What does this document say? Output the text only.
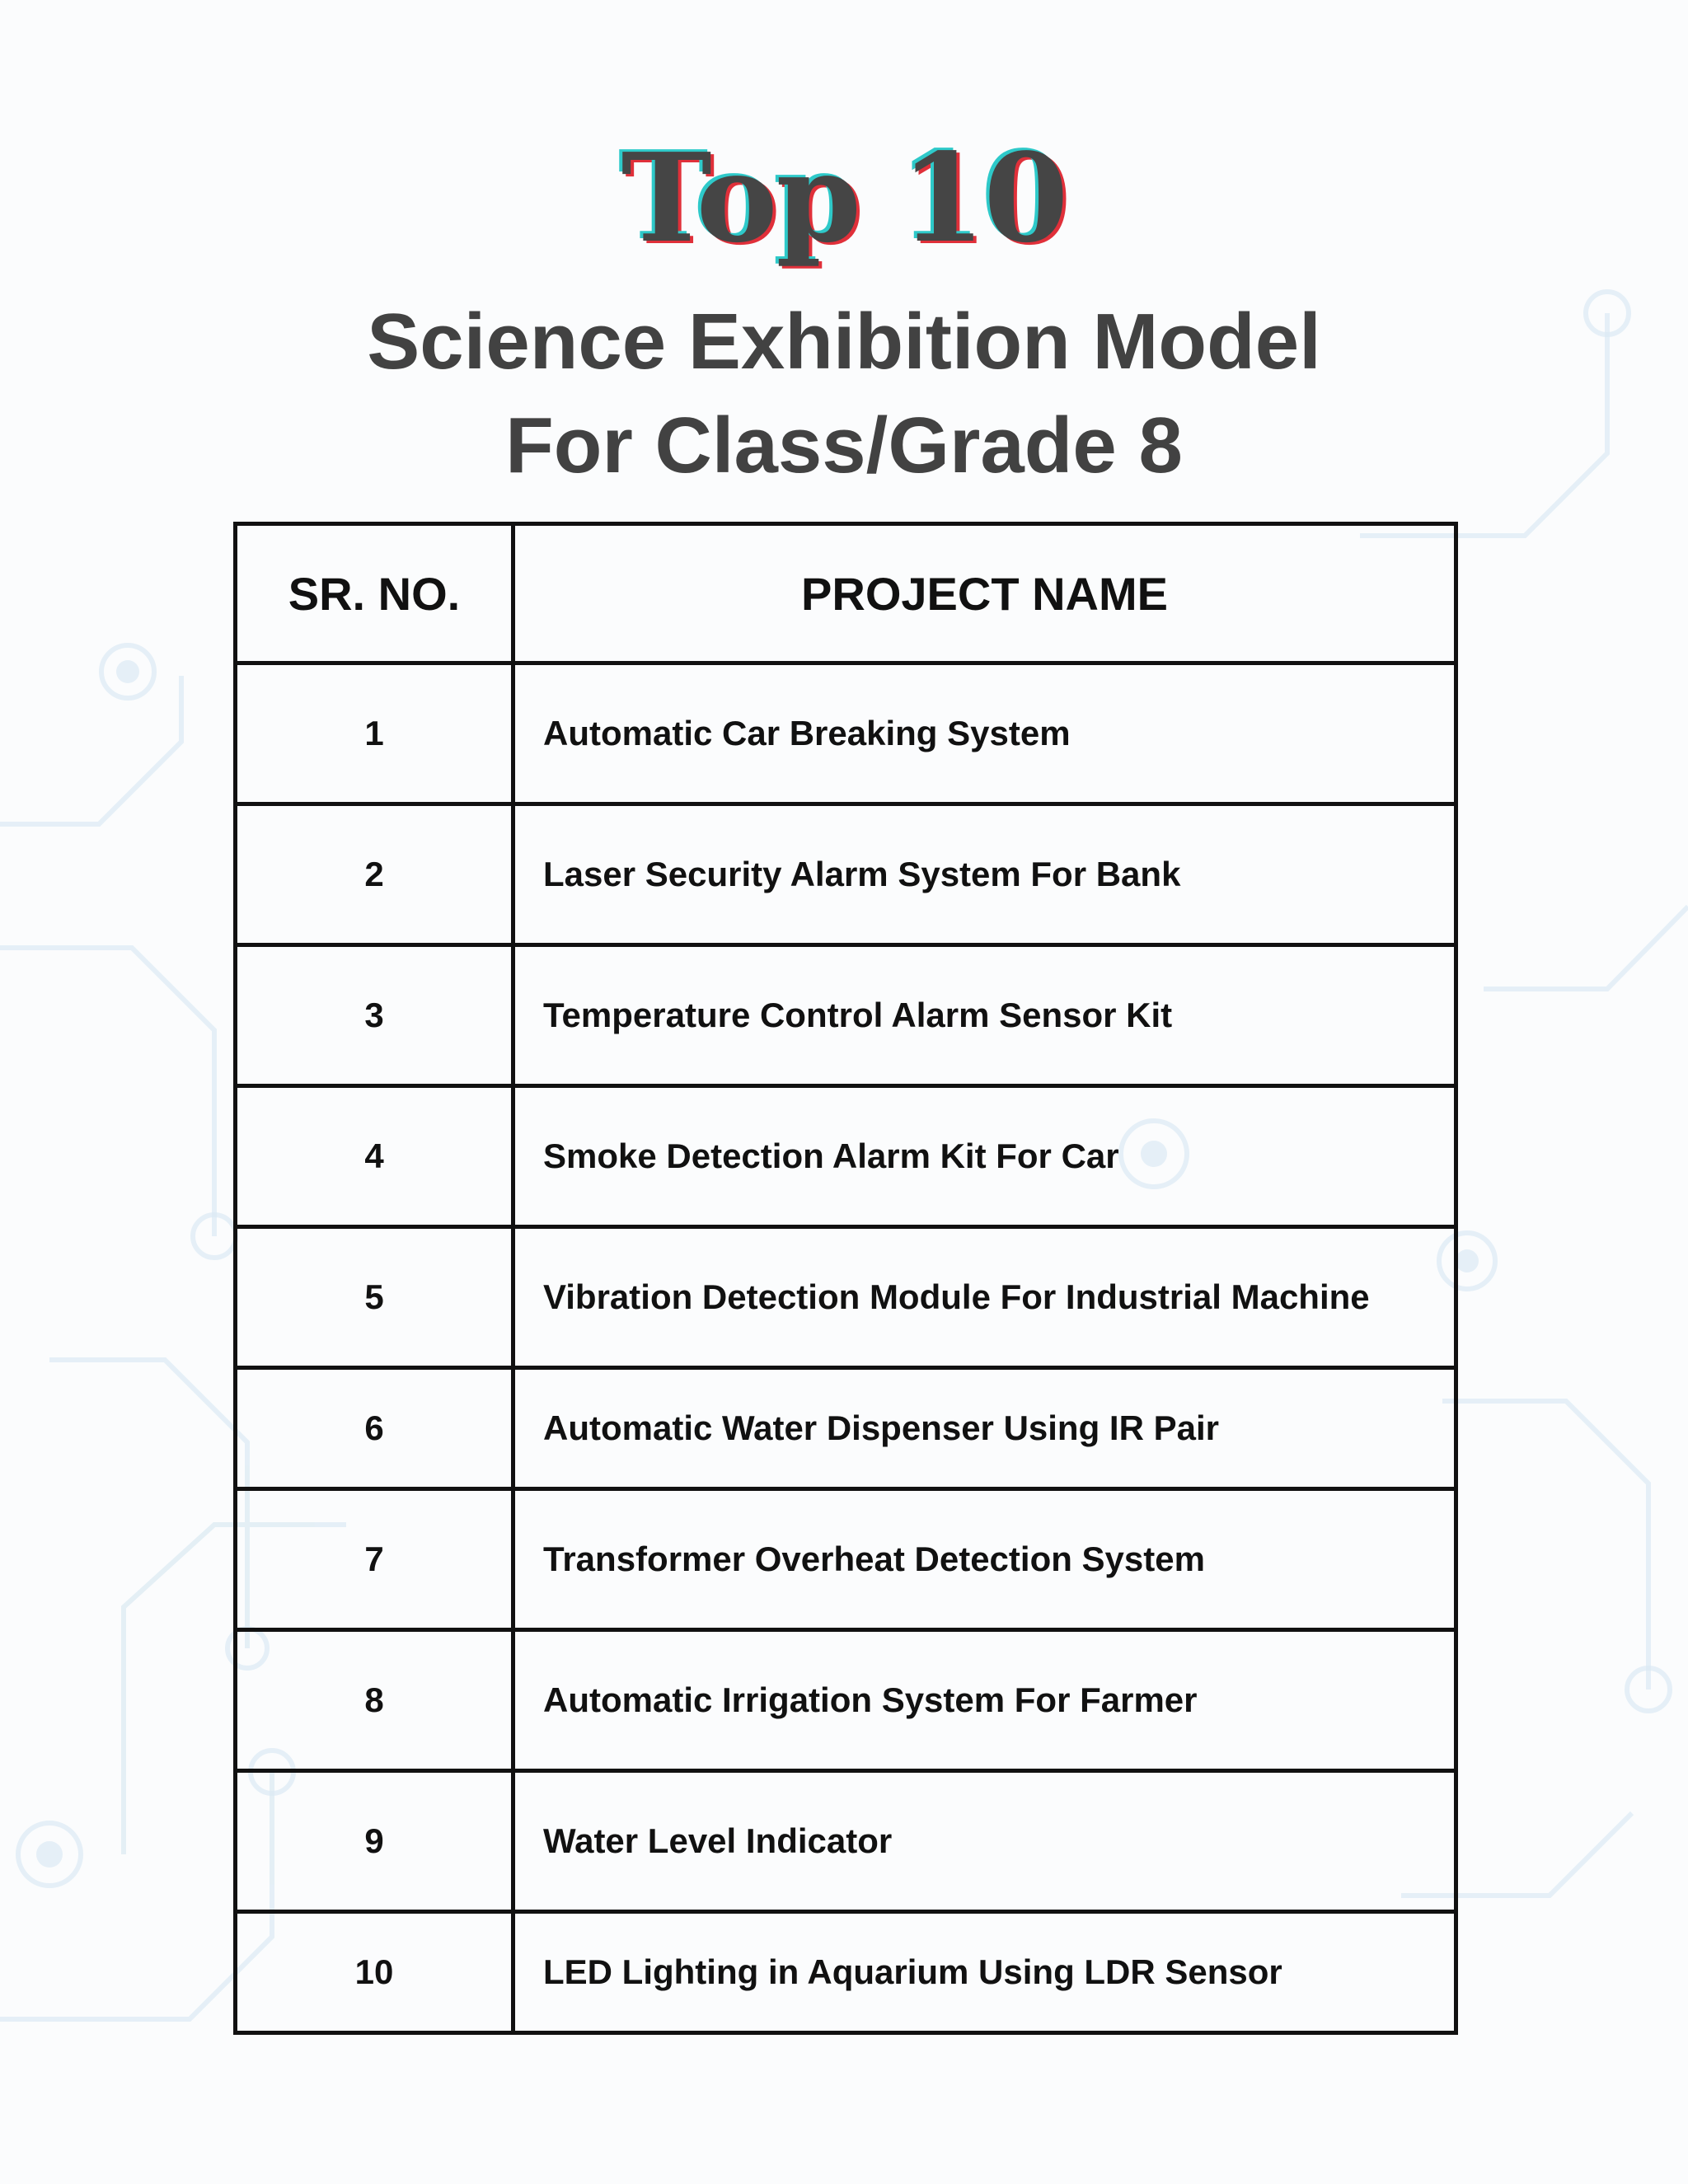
Top 10
Science Exhibition Model
For Class/Grade 8
SR. NO.	PROJECT NAME
1	Automatic Car Breaking System
2	Laser Security Alarm System For Bank
3	Temperature Control Alarm Sensor Kit
4	Smoke Detection Alarm Kit For Car
5	Vibration Detection Module For Industrial Machine
6	Automatic Water Dispenser Using IR Pair
7	Transformer Overheat Detection System
8	Automatic Irrigation System For Farmer
9	Water Level Indicator
10	LED Lighting in Aquarium Using LDR Sensor
